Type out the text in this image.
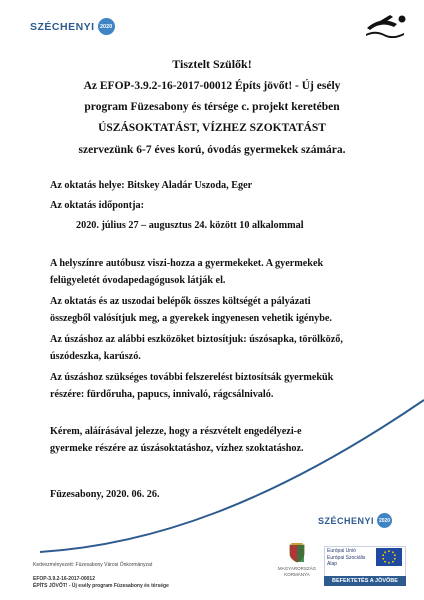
SZÉCHENYI 2020
Tisztelt Szülők!
Az EFOP-3.9.2-16-2017-00012 Építs jövőt! - Új esély
program Füzesabony és térsége c. projekt keretében
ÚSZÁSOKTATÁST, VÍZHEZ SZOKTATÁST
szervezünk 6-7 éves korú, óvodás gyermekek számára.
Az oktatás helye: Bitskey Aladár Uszoda, Eger
Az oktatás időpontja:
2020. július 27 – augusztus 24. között 10 alkalommal
A helyszínre autóbusz viszi-hozza a gyermekeket. A gyermekek
felügyeletét óvodapedagógusok látják el.
Az oktatás és az uszodai belépők összes költségét a pályázati
összegből valósítjuk meg, a gyerekek ingyenesen vehetik igénybe.
Az úszáshoz az alábbi eszközöket biztosítjuk: úszósapka, törölköző,
úszódeszka, karúszó.
Az úszáshoz szükséges további felszerelést biztosítsák gyermekük
részére: fürdőruha, papucs, innivaló, rágcsálnivaló.
Kérem, aláírásával jelezze, hogy a részvételt engedélyezi-e
gyermeke részére az úszásoktatáshoz, vízhez szoktatáshoz.
Füzesabony, 2020. 06. 26.
SZÉCHENYI 2020
Kedvezményezett: Füzesabony Városi Önkormányzat
EFOP-3.9.2-16-2017-00012
ÉPÍTS JÖVŐT! - Új esély program Füzesabony és térsége
MAGYARORSZÁG KORMÁNYA
Európai Unió
Európai Szociális
Alap
BEFEKTETÉS A JÖVŐBE
